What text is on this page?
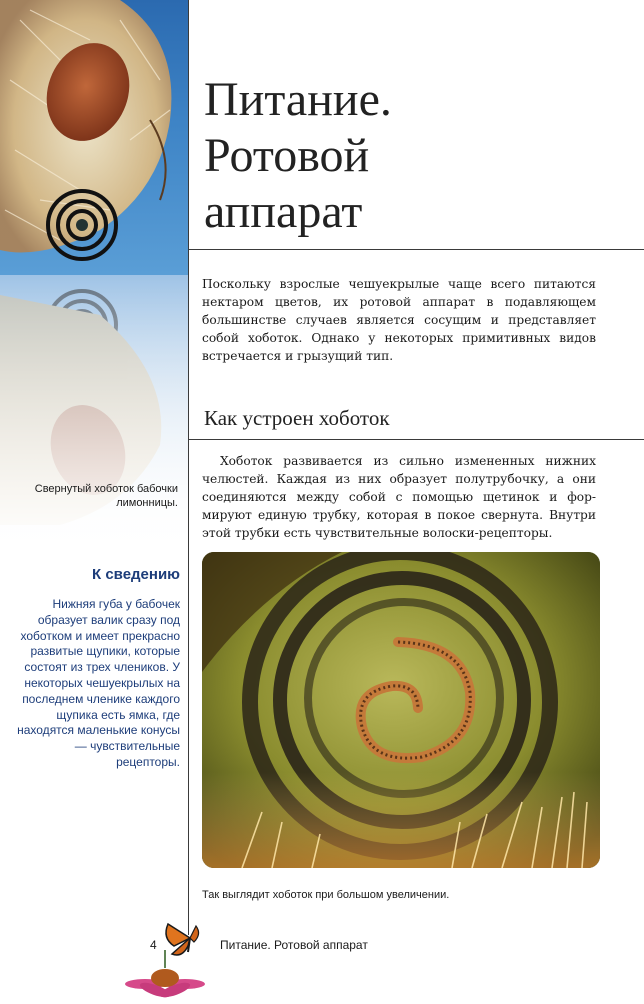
Свернутый хоботок бабочки лимонницы.
К сведению
Нижняя губа у бабочек образует валик сразу под хоботком и имеет прекрасно развитые щупики, которые состоят из трех члеников. У некоторых чешуекрылых на последнем членике каждого щупика есть ямка, где находятся маленькие конусы — чувствительные рецепторы.
Питание.
Ротовой
аппарат

Поскольку взрослые чешуекрылые чаще всего питаются нектаром цветов, их ротовой аппарат в подавляющем большинстве случаев является сосущим и представляет собой хоботок. Однако у некоторых примитивных видов встречается и грызущий тип.

Как устроен хоботок

Хоботок развивается из сильно измененных нижних челюстей. Каждая из них образует полутрубочку, а они соединяются между собой с помощью щетинок и формируют единую трубку, которая в покое свернута. Внутри этой трубки есть чувствительные волоски-рецепторы.

Так выглядит хоботок при большом увеличении.
4	Питание. Ротовой аппарат
